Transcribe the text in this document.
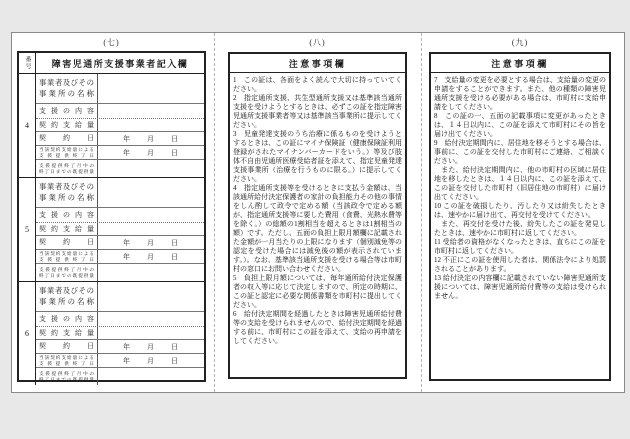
(七)
番号	障害児通所支援事業者記入欄
4
事業者及びその
事業所の名称
支援の内容
契約支給量
契約日	年　　月　　日
当該契約支給量による
支援提供終了日	年　　月　　日
支援提供終了月中の
終了日までの既提供量
5
事業者及びその
事業所の名称
支援の内容
契約支給量
契約日	年　　月　　日
当該契約支給量による
支援提供終了日	年　　月　　日
支援提供終了月中の
終了日までの既提供量
6
事業者及びその
事業所の名称
支援の内容
契約支給量
契約日	年　　月　　日
当該契約支給量による
支援提供終了日	年　　月　　日
支援提供終了月中の
終了日までの既提供量
(八)
注意事項欄

1　この証は、各面をよく読んで大切に持っていてください。

2　指定通所支援、共生型通所支援又は基準該当通所支援を受けようとするときは、必ずこの証を指定障害児通所支援事業者等又は基準該当事業所に提示してください。

3　児童発達支援のうち治療に係るものを受けようとするときは、この証にマイナ保険証（健康保険証利用登録がされたマイナンバーカードをいう。）等及び肢体不自由児通所医療受給者証を添えて、指定児童発達支援事業所（治療を行うものに限る。）に提示してください。

4　指定通所支援等を受けるときに支払う金額は、当該通所給付決定保護者の家計の負担能力その他の事情をしん酌して政令で定める額（当該政令で定める額が、指定通所支援等に要した費用（食費、光熱水費等を除く。）の総額の1割相当を超えるときは1割相当の額）です。ただし、五面の負担上限月額欄に記載された金額が一月当たりの上限になります（個別減免等の認定を受けた場合には減免後の額が表示されています。）。なお、基準該当通所支援を受ける場合等は市町村の窓口にお問い合わせください。

5　負担上限月額については、毎年通所給付決定保護者の収入等に応じて決定しますので、所定の時期に、この証と認定に必要な関係書類を市町村に提出してください。

6　給付決定期間を経過したときは障害児通所給付費等の支給を受けられませんので、給付決定期間を経過する前に、市町村にこの証を添えて、支給の再申請をしてください。

(九)
注意事項欄

7　支給量の変更を必要とする場合は、支給量の変更の申請をすることができます。また、他の種類の障害児通所支援を受ける必要がある場合は、市町村に支給申請をしてください。

8　この証の一、五面の記載事項に変更があったときは、１４日以内に、この証を添えて市町村にその旨を届け出てください。

9　給付決定期間内に、居住地を移そうとする場合は、事前に、この証を交付した市町村にご連絡、ご相談ください。

　また、給付決定期間内に、他の市町村の区域に居住地を移したときは、１４日以内に、この証を添えて、この証を交付した市町村（旧居住地の市町村）に届け出てください。

10 この証を破損したり、汚したり又は紛失したときは、速やかに届け出て、再交付を受けてください。

　また、再交付を受けた後、紛失したこの証を発見したときは、速やかに市町村に返してください。

11 受給者の資格がなくなったときは、直ちにこの証を市町村に返してください。

12 不正にこの証を使用した者は、関係法令により処罰されることがあります。

13 給付決定の内容欄に記載されていない障害児通所支援については、障害児通所給付費等の支給は受けられません。
